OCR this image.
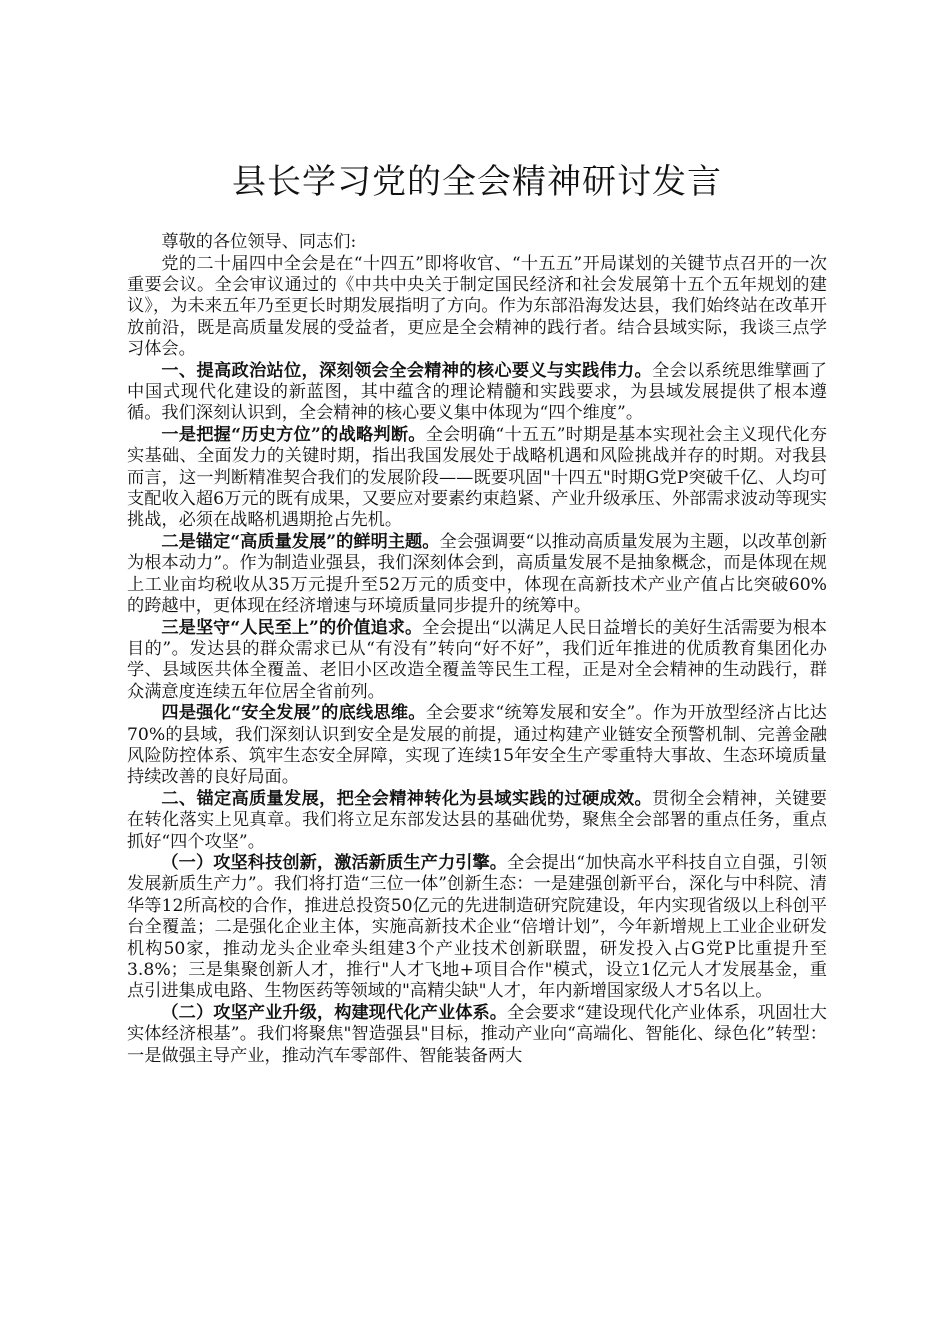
县长学习党的全会精神研讨发言

尊敬的各位领导、同志们:

党的二十届四中全会是在“十四五”即将收官、“十五五”开局谋划的关键节点召开的一次重要会议。全会审议通过的《中共中央关于制定国民经济和社会发展第十五个五年规划的建议》，为未来五年乃至更长时期发展指明了方向。作为东部沿海发达县，我们始终站在改革开放前沿，既是高质量发展的受益者，更应是全会精神的践行者。结合县域实际，我谈三点学习体会。

一、提高政治站位，深刻领会全会精神的核心要义与实践伟力。全会以系统思维擘画了中国式现代化建设的新蓝图，其中蕴含的理论精髓和实践要求，为县域发展提供了根本遵循。我们深刻认识到，全会精神的核心要义集中体现为“四个维度”。

一是把握“历史方位”的战略判断。全会明确“十五五”时期是基本实现社会主义现代化夯实基础、全面发力的关键时期，指出我国发展处于战略机遇和风险挑战并存的时期。对我县而言，这一判断精准契合我们的发展阶段——既要巩固"十四五"时期G党P突破千亿、人均可支配收入超6万元的既有成果，又要应对要素约束趋紧、产业升级承压、外部需求波动等现实挑战，必须在战略机遇期抢占先机。

二是锚定“高质量发展”的鲜明主题。全会强调要“以推动高质量发展为主题，以改革创新为根本动力”。作为制造业强县，我们深刻体会到，高质量发展不是抽象概念，而是体现在规上工业亩均税收从35万元提升至52万元的质变中，体现在高新技术产业产值占比突破60%的跨越中，更体现在经济增速与环境质量同步提升的统筹中。

三是坚守“人民至上”的价值追求。全会提出“以满足人民日益增长的美好生活需要为根本目的”。发达县的群众需求已从“有没有”转向“好不好”，我们近年推进的优质教育集团化办学、县域医共体全覆盖、老旧小区改造全覆盖等民生工程，正是对全会精神的生动践行，群众满意度连续五年位居全省前列。

四是强化“安全发展”的底线思维。全会要求“统筹发展和安全”。作为开放型经济占比达70%的县域，我们深刻认识到安全是发展的前提，通过构建产业链安全预警机制、完善金融风险防控体系、筑牢生态安全屏障，实现了连续15年安全生产零重特大事故、生态环境质量持续改善的良好局面。

二、锚定高质量发展，把全会精神转化为县域实践的过硬成效。贯彻全会精神，关键要在转化落实上见真章。我们将立足东部发达县的基础优势，聚焦全会部署的重点任务，重点抓好“四个攻坚”。

（一）攻坚科技创新，激活新质生产力引擎。全会提出“加快高水平科技自立自强，引领发展新质生产力”。我们将打造“三位一体”创新生态：一是建强创新平台，深化与中科院、清华等12所高校的合作，推进总投资50亿元的先进制造研究院建设，年内实现省级以上科创平台全覆盖；二是强化企业主体，实施高新技术企业“倍增计划”，今年新增规上工业企业研发机构50家，推动龙头企业牵头组建3个产业技术创新联盟，研发投入占G党P比重提升至3.8%；三是集聚创新人才，推行"人才飞地+项目合作"模式，设立1亿元人才发展基金，重点引进集成电路、生物医药等领域的"高精尖缺"人才，年内新增国家级人才5名以上。

（二）攻坚产业升级，构建现代化产业体系。全会要求“建设现代化产业体系，巩固壮大实体经济根基”。我们将聚焦"智造强县"目标，推动产业向“高端化、智能化、绿色化”转型：一是做强主导产业，推动汽车零部件、智能装备两大
